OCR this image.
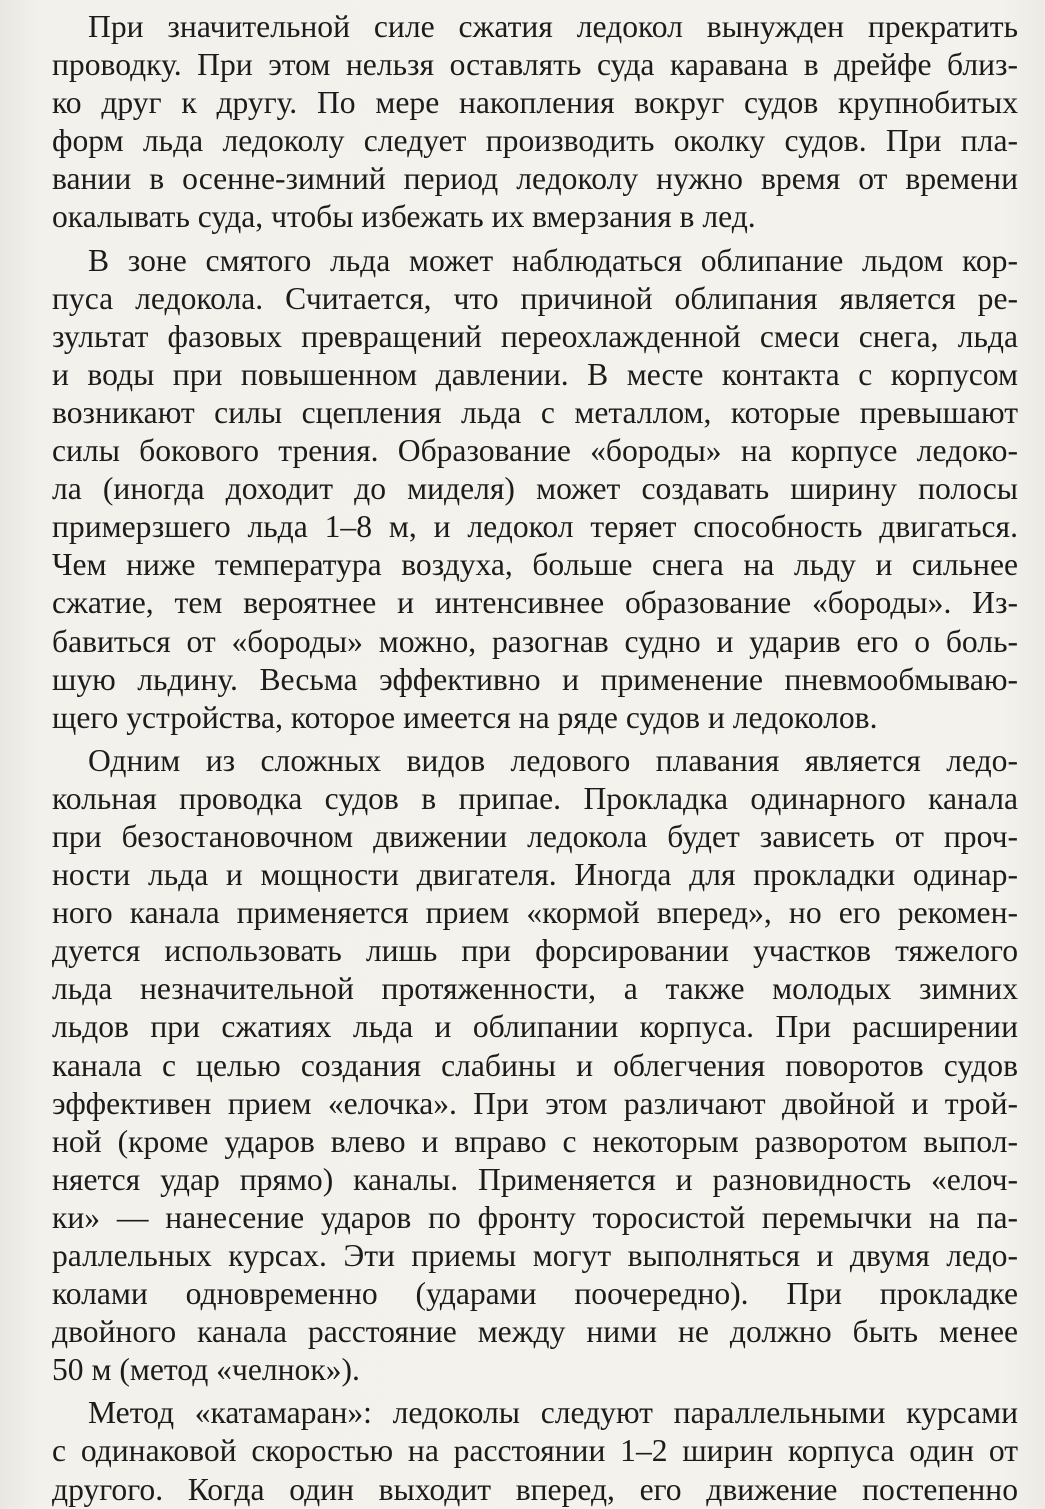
При значительной силе сжатия ледокол вынужден прекратить
проводку. При этом нельзя оставлять суда каравана в дрейфе близ-
ко друг к другу. По мере накопления вокруг судов крупнобитых
форм льда ледоколу следует производить околку судов. При пла-
вании в осенне-зимний период ледоколу нужно время от времени
окалывать суда, чтобы избежать их вмерзания в лед.
В зоне смятого льда может наблюдаться облипание льдом кор-
пуса ледокола. Считается, что причиной облипания является ре-
зультат фазовых превращений переохлажденной смеси снега, льда
и воды при повышенном давлении. В месте контакта с корпусом
возникают силы сцепления льда с металлом, которые превышают
силы бокового трения. Образование «бороды» на корпусе ледоко-
ла (иногда доходит до миделя) может создавать ширину полосы
примерзшего льда 1–8 м, и ледокол теряет способность двигаться.
Чем ниже температура воздуха, больше снега на льду и сильнее
сжатие, тем вероятнее и интенсивнее образование «бороды». Из-
бавиться от «бороды» можно, разогнав судно и ударив его о боль-
шую льдину. Весьма эффективно и применение пневмообмываю-
щего устройства, которое имеется на ряде судов и ледоколов.
Одним из сложных видов ледового плавания является ледо-
кольная проводка судов в припае. Прокладка одинарного канала
при безостановочном движении ледокола будет зависеть от проч-
ности льда и мощности двигателя. Иногда для прокладки одинар-
ного канала применяется прием «кормой вперед», но его рекомен-
дуется использовать лишь при форсировании участков тяжелого
льда незначительной протяженности, а также молодых зимних
льдов при сжатиях льда и облипании корпуса. При расширении
канала с целью создания слабины и облегчения поворотов судов
эффективен прием «елочка». При этом различают двойной и трой-
ной (кроме ударов влево и вправо с некоторым разворотом выпол-
няется удар прямо) каналы. Применяется и разновидность «елоч-
ки» — нанесение ударов по фронту торосистой перемычки на па-
раллельных курсах. Эти приемы могут выполняться и двумя ледо-
колами одновременно (ударами поочередно). При прокладке
двойного канала расстояние между ними не должно быть менее
50 м (метод «челнок»).
Метод «катамаран»: ледоколы следуют параллельными курсами
с одинаковой скоростью на расстоянии 1–2 ширин корпуса один от
другого. Когда один выходит вперед, его движение постепенно
